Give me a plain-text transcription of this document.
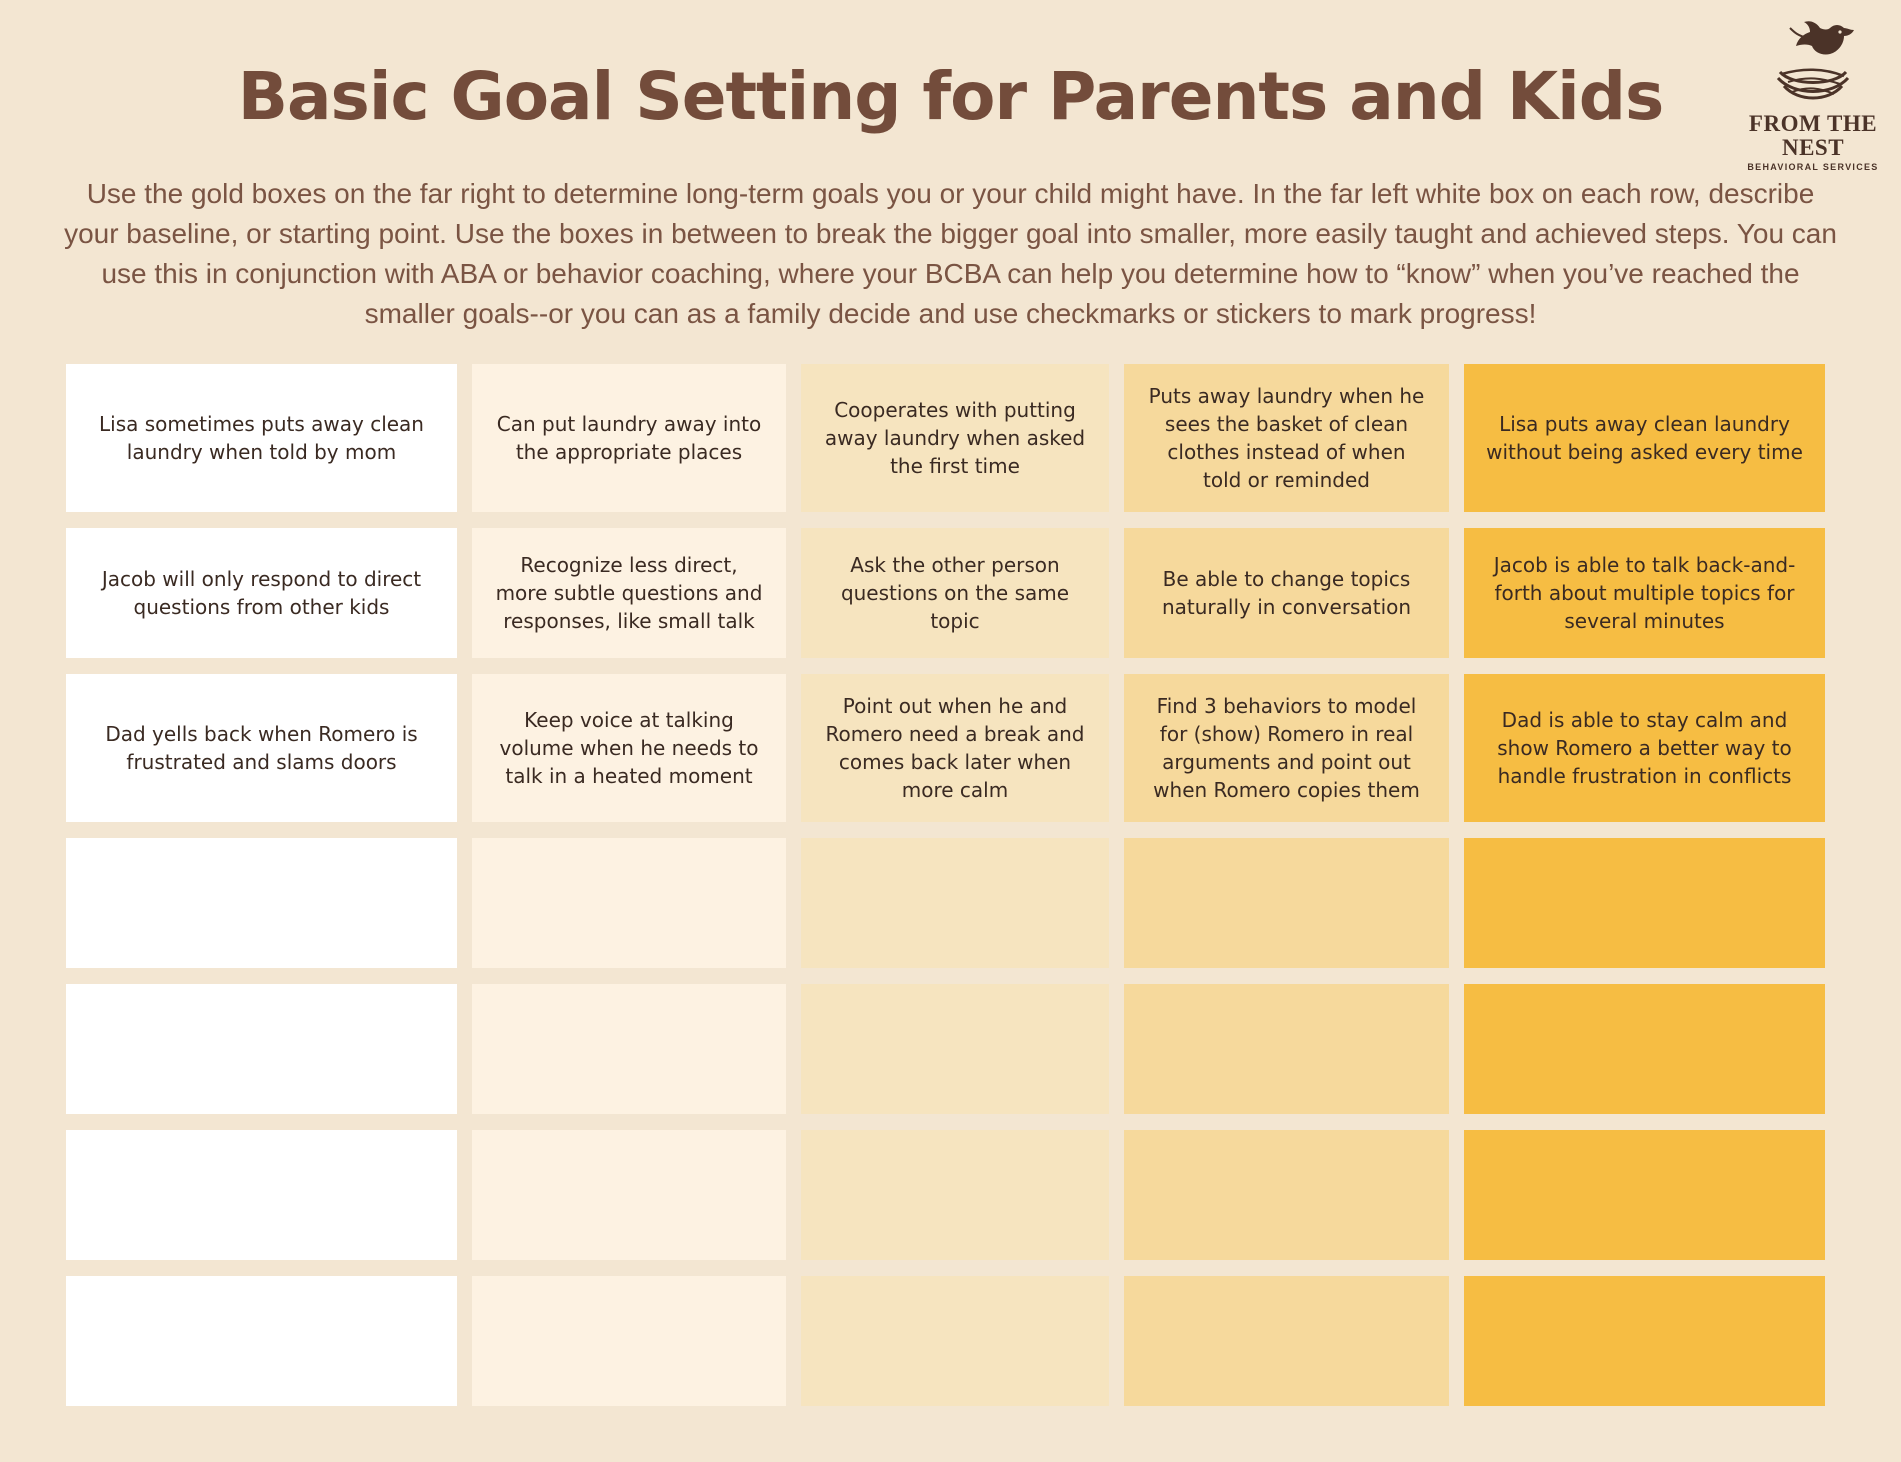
Basic Goal Setting for Parents and Kids	FROM THE
NEST
BEHAVIORAL SERVICES

Use the gold boxes on the far right to determine long-term goals you or your child might have. In the far left white box on each row, describe your baseline, or starting point. Use the boxes in between to break the bigger goal into smaller, more easily taught and achieved steps. You can use this in conjunction with ABA or behavior coaching, where your BCBA can help you determine how to “know” when you’ve reached the smaller goals--or you can as a family decide and use checkmarks or stickers to mark progress!

Lisa sometimes puts away clean laundry when told by mom
Can put laundry away into the appropriate places
Cooperates with putting away laundry when asked the first time
Puts away laundry when he sees the basket of clean clothes instead of when told or reminded
Lisa puts away clean laundry without being asked every time
Jacob will only respond to direct questions from other kids
Recognize less direct, more subtle questions and responses, like small talk
Ask the other person questions on the same topic
Be able to change topics naturally in conversation
Jacob is able to talk back-and-forth about multiple topics for several minutes
Dad yells back when Romero is frustrated and slams doors
Keep voice at talking volume when he needs to talk in a heated moment
Point out when he and Romero need a break and comes back later when more calm
Find 3 behaviors to model for (show) Romero in real arguments and point out when Romero copies them
Dad is able to stay calm and show Romero a better way to handle frustration in conflicts
